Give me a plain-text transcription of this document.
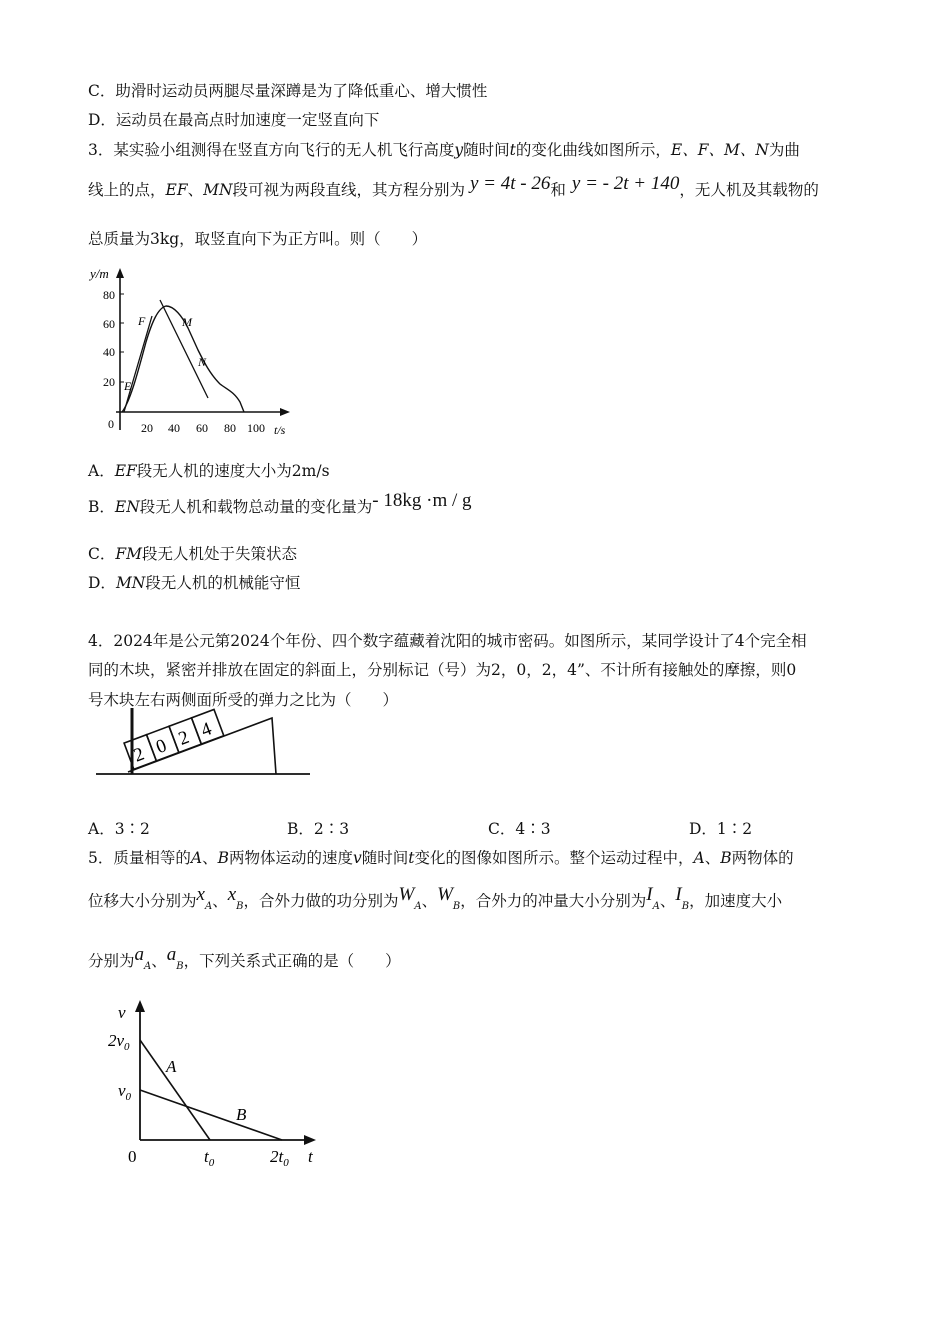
C．助滑时运动员两腿尽量深蹲是为了降低重心、增大惯性
D．运动员在最高点时加速度一定竖直向下
3．某实验小组测得在竖直方向飞行的无人机飞行高度y随时间t的变化曲线如图所示，E、F、M、N为曲
线上的点，EF、MN段可视为两段直线，其方程分别为 y = 4t - 26和 y = - 2t + 140，无人机及其载物的
总质量为3kg，取竖直向下为正方叫。则（　　）
y/m
80
60
40
20
0 20 40 60 80 100 t/s
E
F	M
N
A．EF段无人机的速度大小为2m/s
B．EN段无人机和载物总动量的变化量为- 18kg ·m / g
C．FM段无人机处于失策状态
D．MN段无人机的机械能守恒
4．2024年是公元第2024个年份、四个数字蕴藏着沈阳的城市密码。如图所示，某同学设计了4个完全相
同的木块，紧密并排放在固定的斜面上，分别标记（号）为2，0，2，4”、不计所有接触处的摩擦，则0
号木块左右两侧面所受的弹力之比为（　　）
2 0 2 4
A．3∶2	B．2∶3	C．4∶3	D．1∶2
5．质量相等的A、B两物体运动的速度v随时间t变化的图像如图所示。整个运动过程中，A、B两物体的
位移大小分别为$x_A$、$x_B$，合外力做的功分别为$W_A$、$W_B$，合外力的冲量大小分别为$I_A$、$I_B$，加速度大小
分别为$a_A$、$a_B$，下列关系式正确的是（　　）
v
$2v_0$
$v_0$
0	$t_0$	$2t_0$ t
A
B
